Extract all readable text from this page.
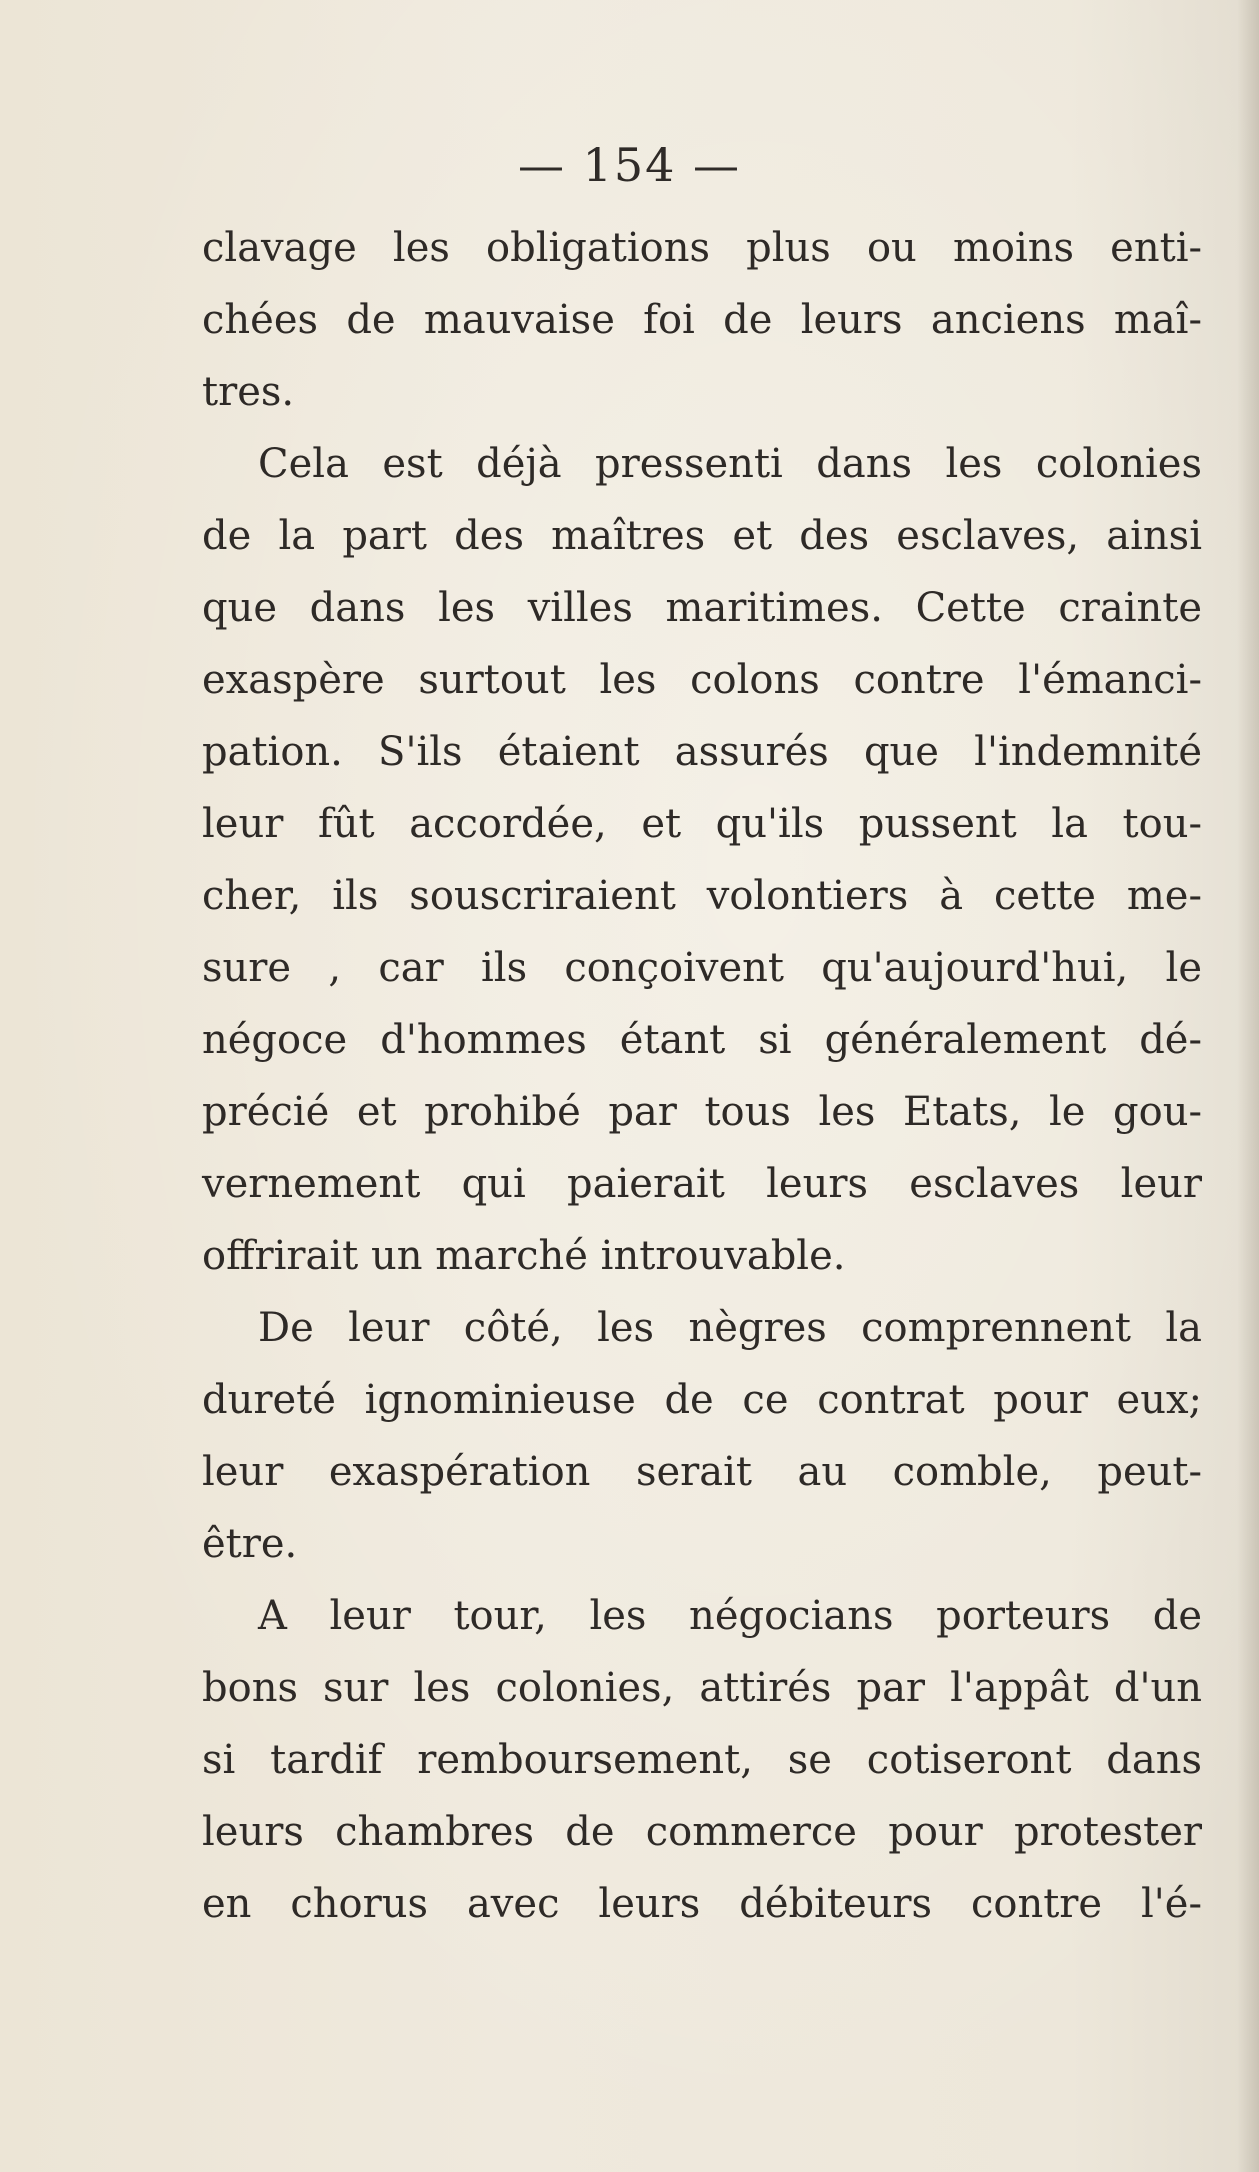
— 154 —
clavage les obligations plus ou moins enti-
chées de mauvaise foi de leurs anciens maî-
tres.
Cela est déjà pressenti dans les colonies
de la part des maîtres et des esclaves, ainsi
que dans les villes maritimes. Cette crainte
exaspère surtout les colons contre l'émanci-
pation. S'ils étaient assurés que l'indemnité
leur fût accordée, et qu'ils pussent la tou-
cher, ils souscriraient volontiers à cette me-
sure , car ils conçoivent qu'aujourd'hui, le
négoce d'hommes étant si généralement dé-
précié et prohibé par tous les Etats, le gou-
vernement qui paierait leurs esclaves leur
offrirait un marché introuvable.
De leur côté, les nègres comprennent la
dureté ignominieuse de ce contrat pour eux;
leur exaspération serait au comble, peut-
être.
A leur tour, les négocians porteurs de
bons sur les colonies, attirés par l'appât d'un
si tardif remboursement, se cotiseront dans
leurs chambres de commerce pour protester
en chorus avec leurs débiteurs contre l'é-
